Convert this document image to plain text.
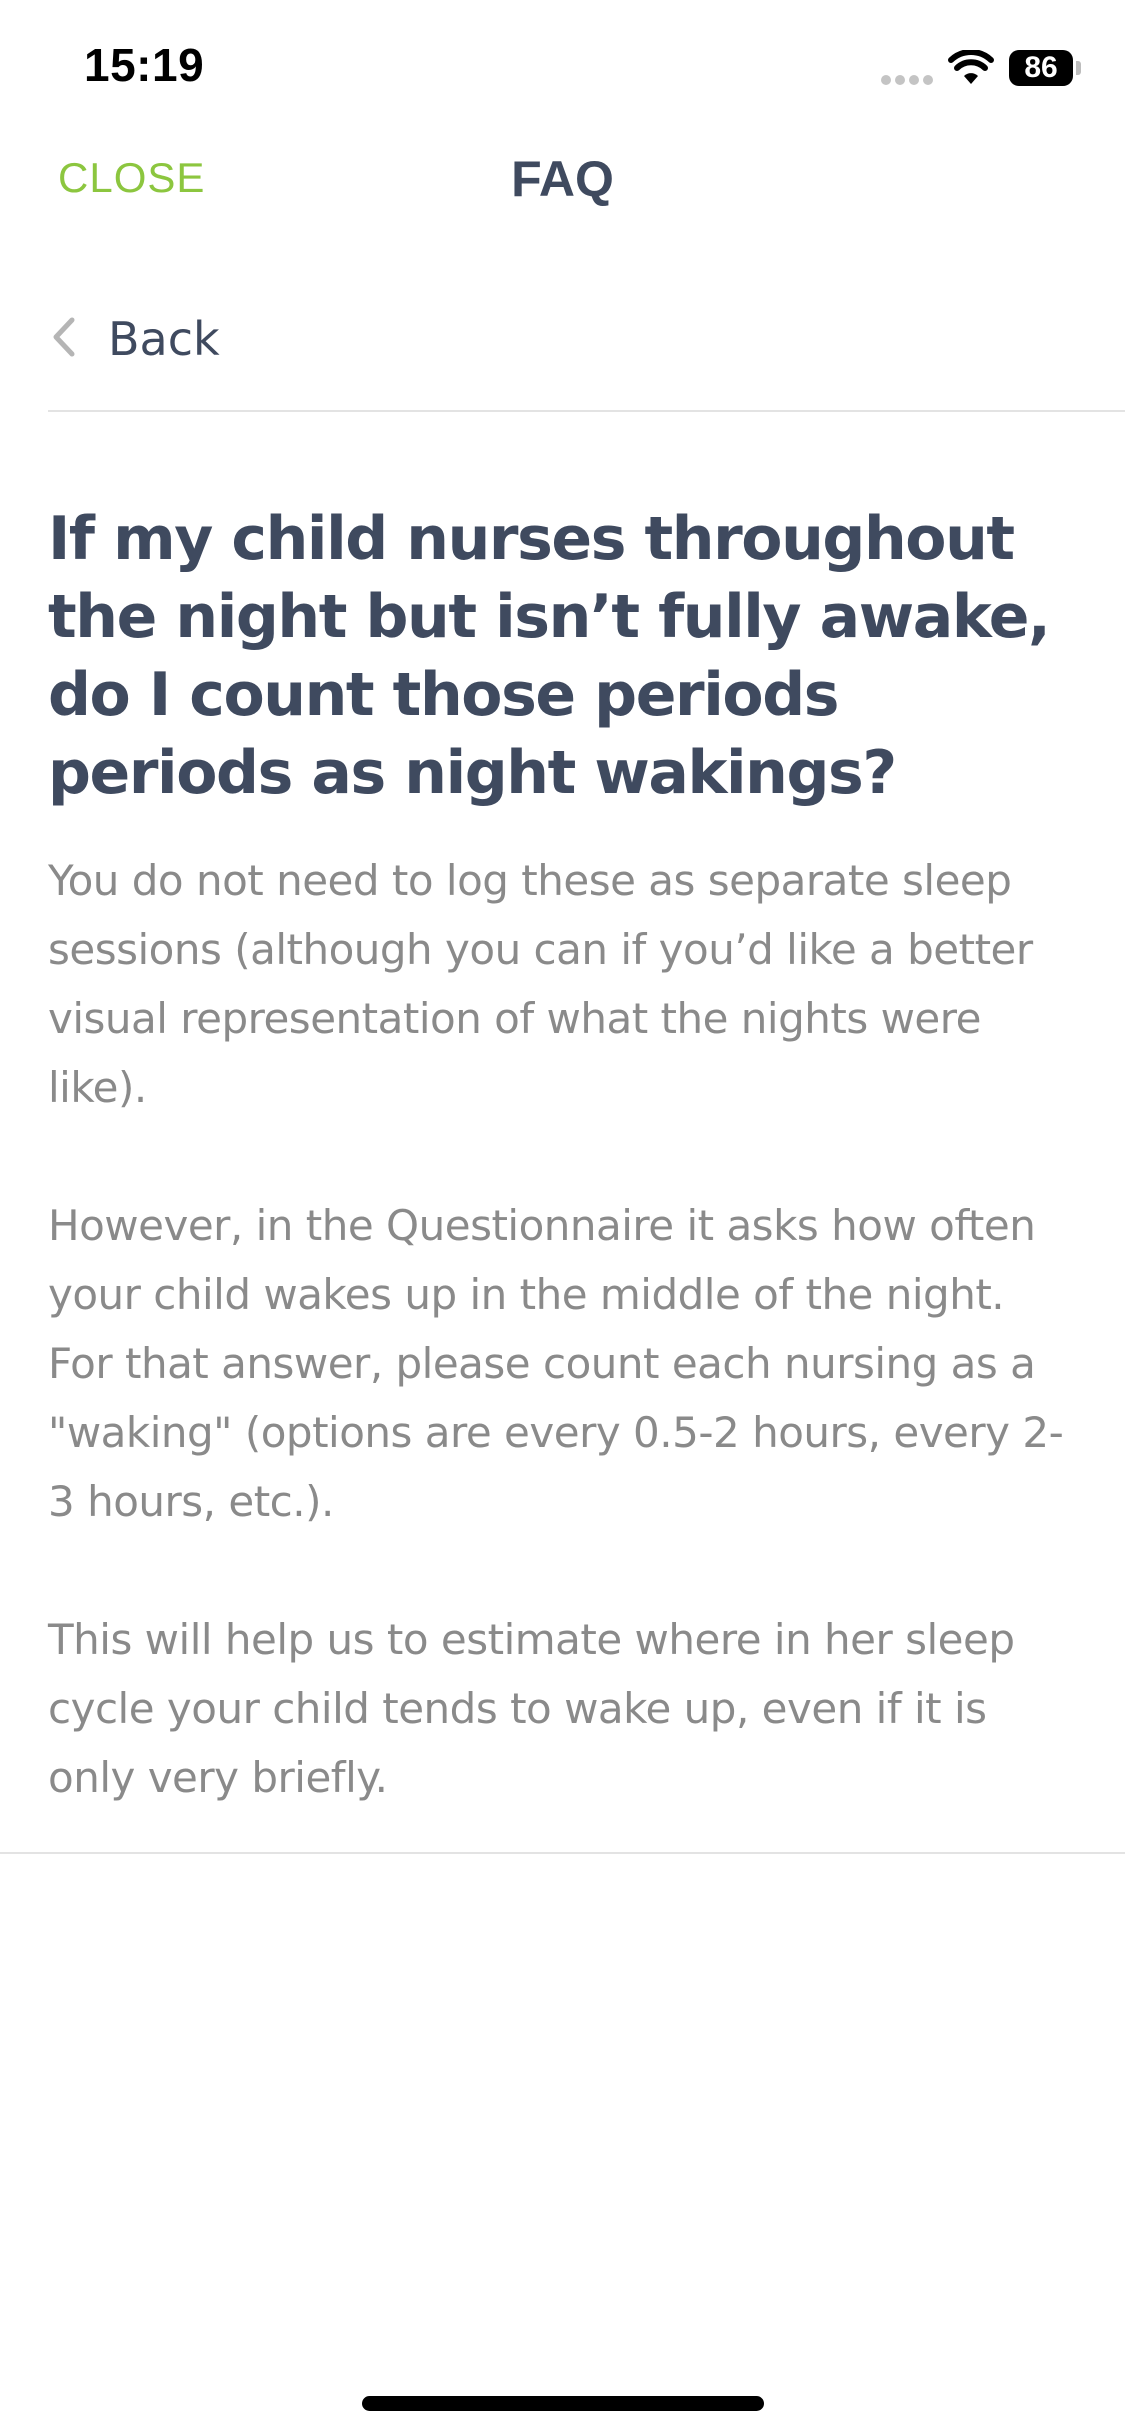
15:19	86
CLOSE	FAQ
Back
If my child nurses throughout the night but isn’t fully awake, do I count those periods periods as night wakings?

You do not need to log these as separate sleep sessions (although you can if you’d like a better visual representation of what the nights were like).

However, in the Questionnaire it asks how often your child wakes up in the middle of the night. For that answer, please count each nursing as a "waking" (options are every 0.5-2 hours, every 2-3 hours, etc.).

This will help us to estimate where in her sleep cycle your child tends to wake up, even if it is only very briefly.
